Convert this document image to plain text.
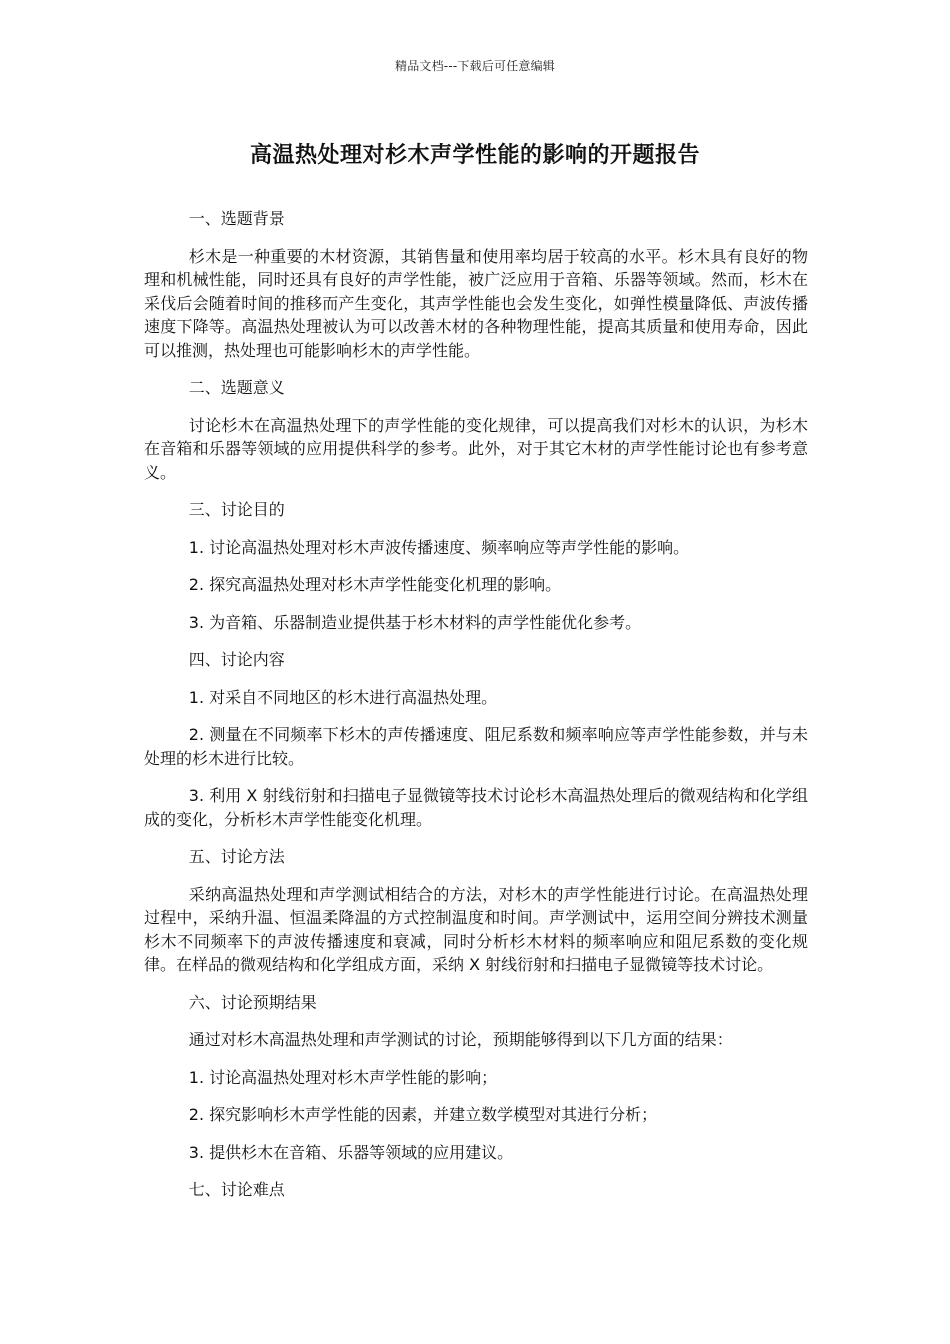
精品文档---下载后可任意编辑
高温热处理对杉木声学性能的影响的开题报告

一、选题背景

杉木是一种重要的木材资源，其销售量和使用率均居于较高的水平。杉木具有良好的物理和机械性能，同时还具有良好的声学性能，被广泛应用于音箱、乐器等领域。然而，杉木在采伐后会随着时间的推移而产生变化，其声学性能也会发生变化，如弹性模量降低、声波传播速度下降等。高温热处理被认为可以改善木材的各种物理性能，提高其质量和使用寿命，因此可以推测，热处理也可能影响杉木的声学性能。

二、选题意义

讨论杉木在高温热处理下的声学性能的变化规律，可以提高我们对杉木的认识，为杉木在音箱和乐器等领域的应用提供科学的参考。此外，对于其它木材的声学性能讨论也有参考意义。

三、讨论目的

1. 讨论高温热处理对杉木声波传播速度、频率响应等声学性能的影响。

2. 探究高温热处理对杉木声学性能变化机理的影响。

3. 为音箱、乐器制造业提供基于杉木材料的声学性能优化参考。

四、讨论内容

1. 对采自不同地区的杉木进行高温热处理。

2. 测量在不同频率下杉木的声传播速度、阻尼系数和频率响应等声学性能参数，并与未处理的杉木进行比较。

3. 利用 X 射线衍射和扫描电子显微镜等技术讨论杉木高温热处理后的微观结构和化学组成的变化，分析杉木声学性能变化机理。

五、讨论方法

采纳高温热处理和声学测试相结合的方法，对杉木的声学性能进行讨论。在高温热处理过程中，采纳升温、恒温柔降温的方式控制温度和时间。声学测试中，运用空间分辨技术测量杉木不同频率下的声波传播速度和衰减，同时分析杉木材料的频率响应和阻尼系数的变化规律。在样品的微观结构和化学组成方面，采纳 X 射线衍射和扫描电子显微镜等技术讨论。

六、讨论预期结果

通过对杉木高温热处理和声学测试的讨论，预期能够得到以下几方面的结果：

1. 讨论高温热处理对杉木声学性能的影响；

2. 探究影响杉木声学性能的因素，并建立数学模型对其进行分析；

3. 提供杉木在音箱、乐器等领域的应用建议。

七、讨论难点
